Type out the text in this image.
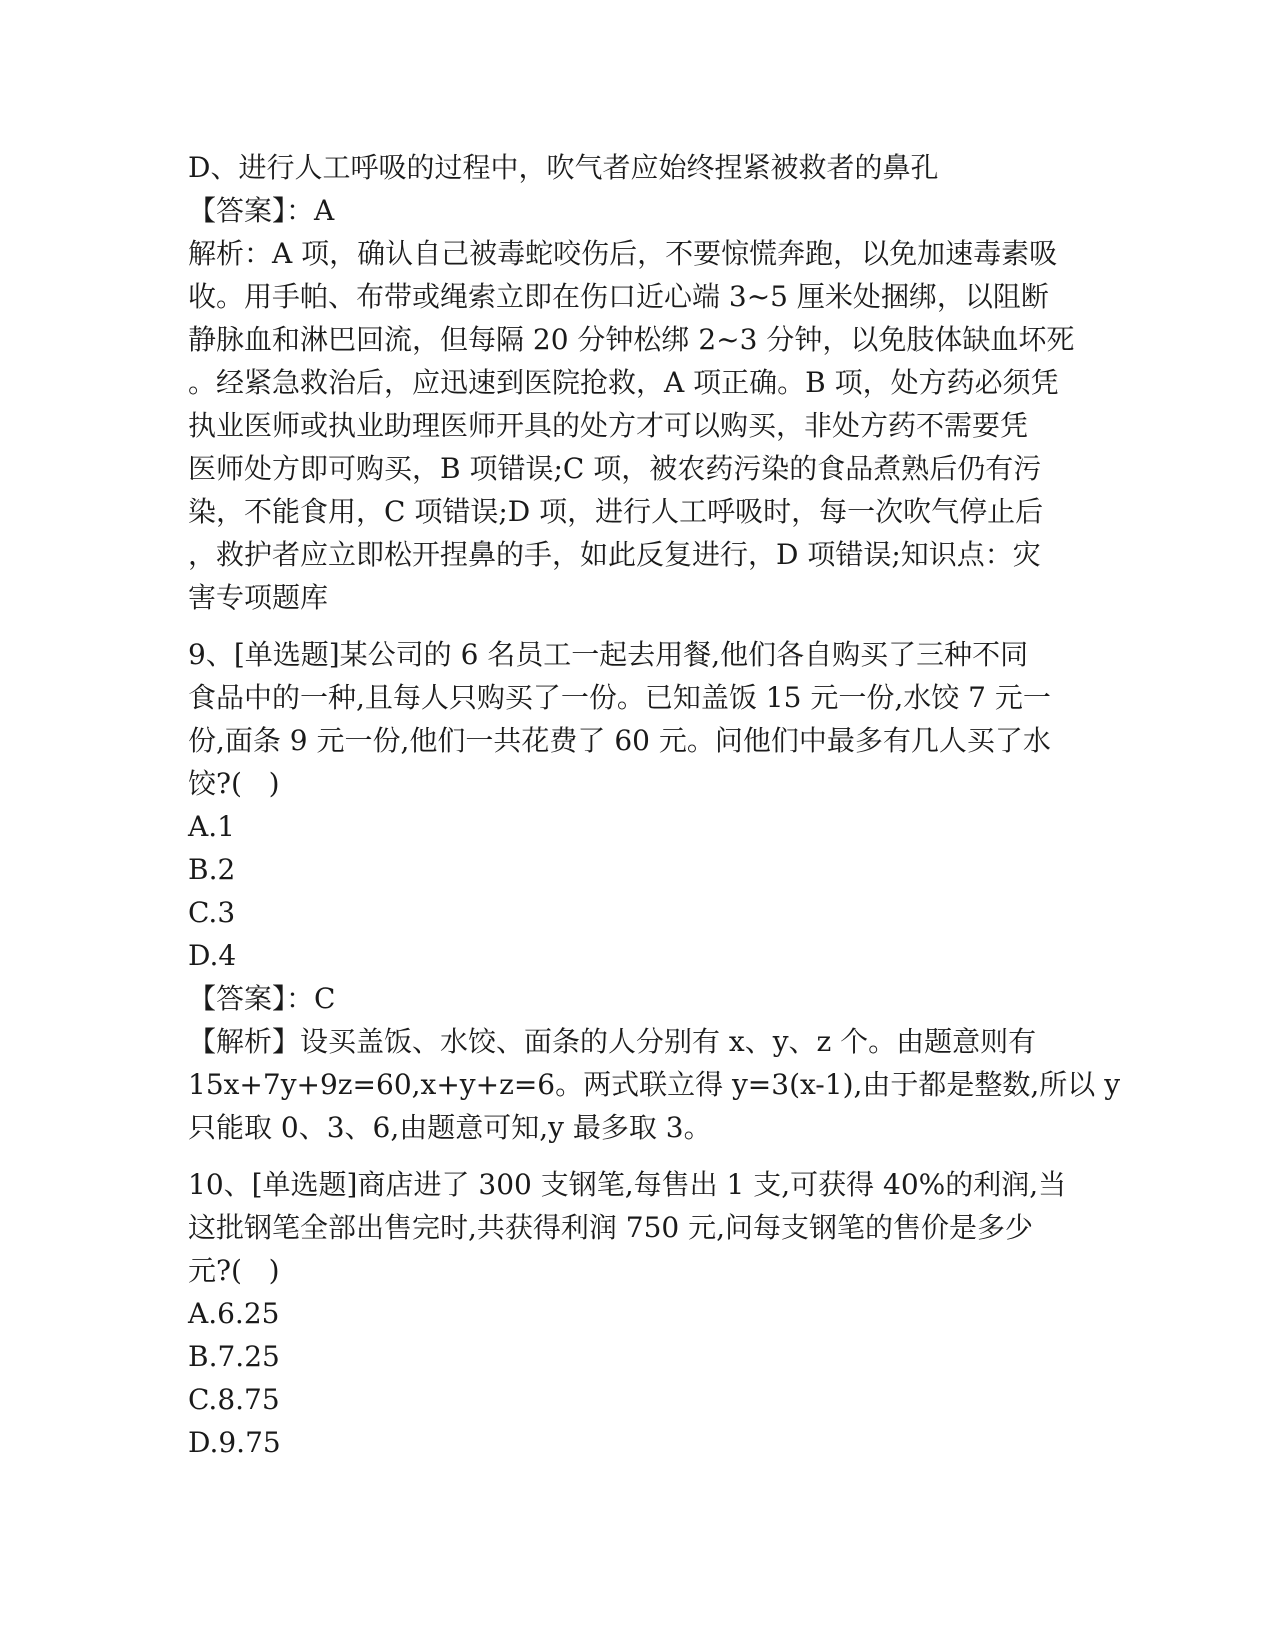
D、进行人工呼吸的过程中，吹气者应始终捏紧被救者的鼻孔
【答案】：A
解析：A 项，确认自己被毒蛇咬伤后，不要惊慌奔跑，以免加速毒素吸
收。用手帕、布带或绳索立即在伤口近心端 3~5 厘米处捆绑，以阻断
静脉血和淋巴回流，但每隔 20 分钟松绑 2~3 分钟，以免肢体缺血坏死
。经紧急救治后，应迅速到医院抢救，A 项正确。B 项，处方药必须凭
执业医师或执业助理医师开具的处方才可以购买，非处方药不需要凭
医师处方即可购买，B 项错误;C 项，被农药污染的食品煮熟后仍有污
染，不能食用，C 项错误;D 项，进行人工呼吸时，每一次吹气停止后
，救护者应立即松开捏鼻的手，如此反复进行，D 项错误;知识点：灾
害专项题库
9、[单选题]某公司的 6 名员工一起去用餐,他们各自购买了三种不同
食品中的一种,且每人只购买了一份。已知盖饭 15 元一份,水饺 7 元一
份,面条 9 元一份,他们一共花费了 60 元。问他们中最多有几人买了水
饺?(   )
A.1
B.2
C.3
D.4
【答案】：C
【解析】设买盖饭、水饺、面条的人分别有 x、y、z 个。由题意则有
15x+7y+9z=60,x+y+z=6。两式联立得 y=3(x-1),由于都是整数,所以 y
只能取 0、3、6,由题意可知,y 最多取 3。
10、[单选题]商店进了 300 支钢笔,每售出 1 支,可获得 40%的利润,当
这批钢笔全部出售完时,共获得利润 750 元,问每支钢笔的售价是多少
元?(   )
A.6.25
B.7.25
C.8.75
D.9.75
